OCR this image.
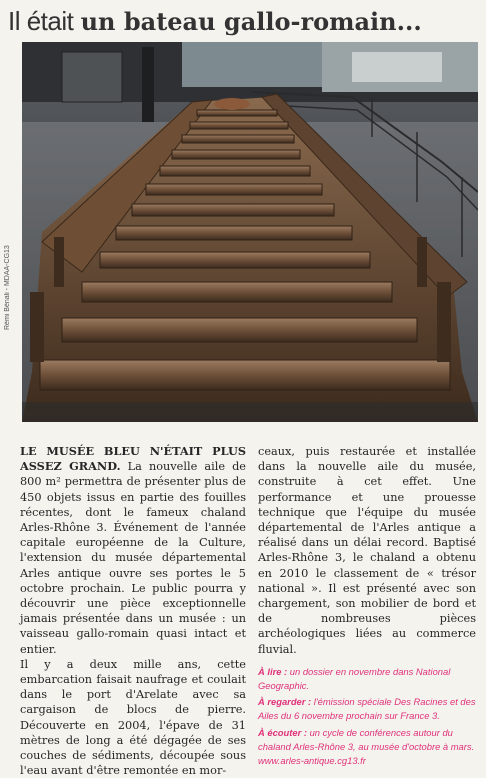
Il était un bateau gallo-romain...
Rémi Bénali - MDAA-CG13

LE MUSÉE BLEU N'ÉTAIT PLUS ASSEZ GRAND. La nouvelle aile de 800 m² permettra de présenter plus de 450 objets issus en partie des fouilles récentes, dont le fameux chaland Arles-Rhône 3. Événement de l'année capitale européenne de la Culture, l'extension du musée départemental Arles antique ouvre ses portes le 5 octobre prochain. Le public pourra y découvrir une pièce exceptionnelle jamais présentée dans un musée : un vaisseau gallo-romain quasi intact et entier.

Il y a deux mille ans, cette embarcation faisait naufrage et coulait dans le port d'Arelate avec sa cargaison de blocs de pierre. Découverte en 2004, l'épave de 31 mètres de long a été dégagée de ses couches de sédiments, découpée sous l'eau avant d'être remontée en mor-

ceaux, puis restaurée et installée dans la nouvelle aile du musée, construite à cet effet. Une performance et une prouesse technique que l'équipe du musée départemental de l'Arles antique a réalisé dans un délai record. Baptisé Arles-Rhône 3, le chaland a obtenu en 2010 le classement de « trésor national ». Il est présenté avec son chargement, son mobilier de bord et de nombreuses pièces archéologiques liées au commerce fluvial.

À lire : un dossier en novembre dans National Geographic.

À regarder : l'émission spéciale Des Racines et des Ailes du 6 novembre prochain sur France 3.

À écouter : un cycle de conférences autour du chaland Arles-Rhône 3, au musée d'octobre à mars. www.arles-antique.cg13.fr
